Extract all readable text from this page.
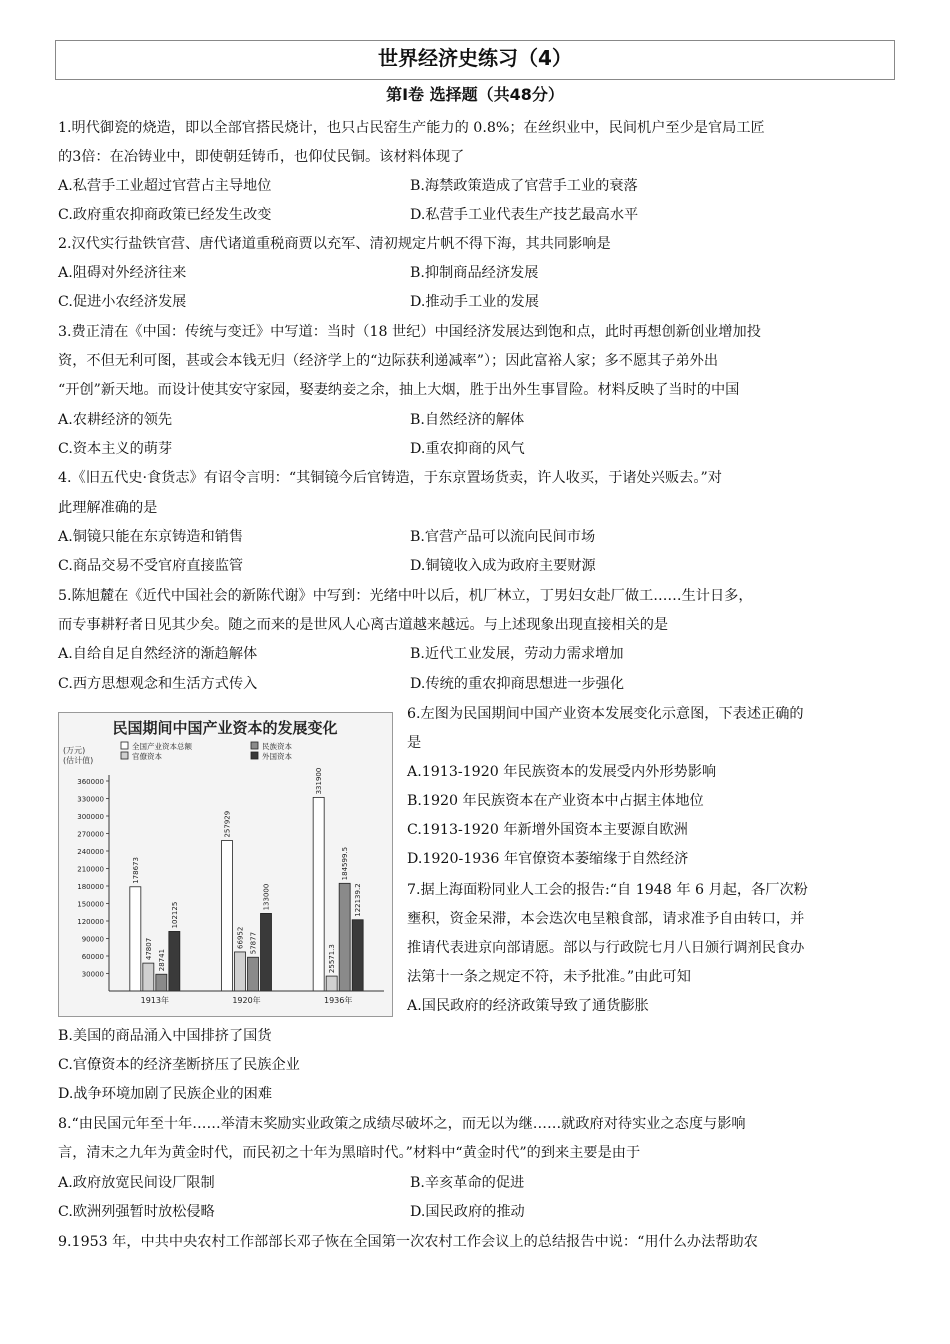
世界经济史练习（4）
第Ⅰ卷 选择题（共48分）
1.明代御瓷的烧造，即以全部官搭民烧计，也只占民窑生产能力的 0.8%；在丝织业中，民间机户至少是官局工匠
的3倍：在冶铸业中，即使朝廷铸币，也仰仗民铜。该材料体现了
A.私营手工业超过官营占主导地位	B.海禁政策造成了官营手工业的衰落
C.政府重农抑商政策已经发生改变	D.私营手工业代表生产技艺最高水平
2.汉代实行盐铁官营、唐代诸道重税商贾以充军、清初规定片帆不得下海，其共同影响是
A.阻碍对外经济往来	B.抑制商品经济发展
C.促进小农经济发展	D.推动手工业的发展
3.费正清在《中国：传统与变迁》中写道：当时（18 世纪）中国经济发展达到饱和点，此时再想创新创业增加投
资，不但无利可图，甚或会本钱无归（经济学上的“边际获利递减率”）；因此富裕人家；多不愿其子弟外出
“开创”新天地。而设计使其安守家园，娶妻纳妾之余，抽上大烟，胜于出外生事冒险。材料反映了当时的中国
A.农耕经济的领先	B.自然经济的解体
C.资本主义的萌芽	D.重农抑商的风气
4.《旧五代史·食货志》有诏令言明：“其铜镜今后官铸造，于东京置场货卖，许人收买，于诸处兴贩去。”对
此理解准确的是
A.铜镜只能在东京铸造和销售	B.官营产品可以流向民间市场
C.商品交易不受官府直接监管	D.铜镜收入成为政府主要财源
5.陈旭麓在《近代中国社会的新陈代谢》中写到：光绪中叶以后，机厂林立，丁男妇女赴厂做工……生计日多，
而专事耕籽者日见其少矣。随之而来的是世风人心离古道越来越远。与上述现象出现直接相关的是
A.自给自足自然经济的渐趋解体	B.近代工业发展，劳动力需求增加
C.西方思想观念和生活方式传入	D.传统的重农抑商思想进一步强化
民国期间中国产业资本的发展变化
(万元)
(估计值)
全国产业资本总额
官僚资本
民族资本
外国资本
30000
60000
90000
120000
150000
180000
210000
240000
270000
300000
330000
360000
178673
47807 28741
102125
257929
66952 57877
133000
331900
25571.3
184599.5
122139.2
1913年	1920年	1936年
6.左图为民国期间中国产业资本发展变化示意图，下表述正确的
是
A.1913-1920 年民族资本的发展受内外形势影响
B.1920 年民族资本在产业资本中占据主体地位
C.1913-1920 年新增外国资本主要源自欧洲
D.1920-1936 年官僚资本萎缩缘于自然经济
7.据上海面粉同业人工会的报告:“自 1948 年 6 月起，各厂次粉
壅积，资金呆滞，本会迭次电呈粮食部，请求准予自由转口，并
推请代表进京向部请愿。部以与行政院七月八日颁行调剂民食办
法第十一条之规定不符，未予批准。”由此可知
A.国民政府的经济政策导致了通货膨胀
B.美国的商品涌入中国排挤了国货
C.官僚资本的经济垄断挤压了民族企业
D.战争环境加剧了民族企业的困难
8.“由民国元年至十年……举清末奖励实业政策之成绩尽破坏之，而无以为继……就政府对待实业之态度与影响
言，清末之九年为黄金时代，而民初之十年为黑暗时代。”材料中“黄金时代”的到来主要是由于
A.政府放宽民间设厂限制	B.辛亥革命的促进
C.欧洲列强暂时放松侵略	D.国民政府的推动
9.1953 年，中共中央农村工作部部长邓子恢在全国第一次农村工作会议上的总结报告中说：“用什么办法帮助农
